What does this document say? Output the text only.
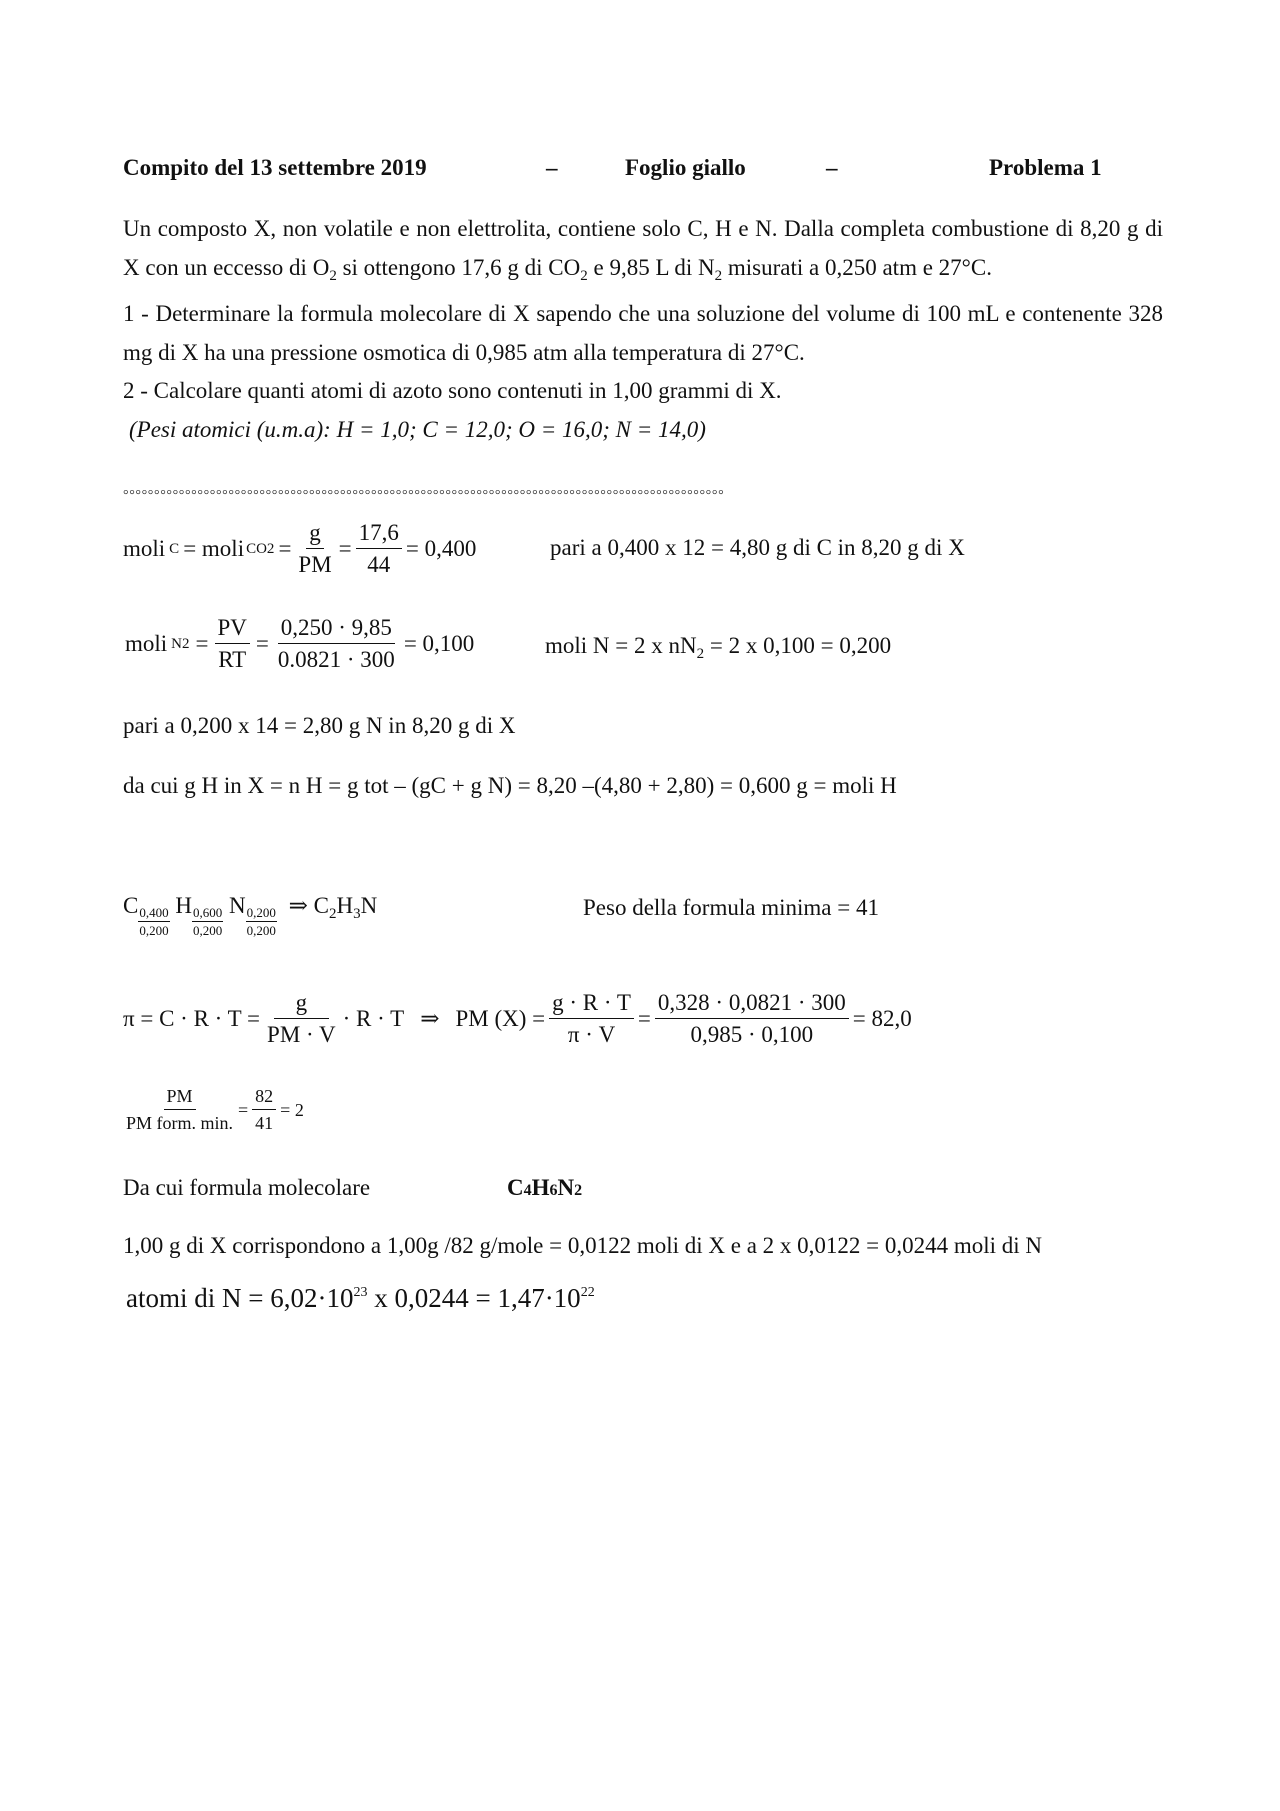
Compito del 13 settembre 2019	–	Foglio giallo	–	Problema 1

Un composto X, non volatile e non elettrolita, contiene solo C, H e N. Dalla completa combustione di 8,20 g di X con un eccesso di $O_2$ si ottengono 17,6 g di $CO_2$ e 9,85 L di $N_2$ misurati a 0,250 atm e 27°C.

1 - Determinare la formula molecolare di X sapendo che una soluzione del volume di 100 mL e contenente 328 mg di X ha una pressione osmotica di 0,985 atm alla temperatura di 27°C.

2 - Calcolare quanti atomi di azoto sono contenuti in 1,00 grammi di X.

(Pesi atomici (u.m.a): H = 1,0; C = 12,0; O = 16,0; N = 14,0)

°°°°°°°°°°°°°°°°°°°°°°°°°°°°°°°°°°°°°°°°°°°°°°°°°°°°°°°°°°°°°°°°°°°°°°°°°°°°°°°°°°°°°°°°°°°°°°°°°
moli C = moli $CO2 = \frac{g}{PM} = \frac{17,6}{44} = 0,400$	pari a 0,400 x 12 = 4,80 g di C in 8,20 g di X
moli $N2 = \frac{PV}{RT} = \frac{0,250 \cdot 9,85}{0.0821 \cdot 300} = 0,100$	moli N = 2 x $nN_2 = 2$ x 0,100 = 0,200
pari a 0,200 x 14 = 2,80 g N in 8,20 g di X
da cui g H in X = n H = g tot – (gC + g N) = 8,20 –(4,80 + 2,80) = 0,600 g = moli H
C $\frac{0,400}{0,200}$ H $\frac{0,600}{0,200}$ N $\frac{0,200}{0,200}$ ⇒ $C_2H_3N$	Peso della formula minima = 41
$\pi = C \cdot R \cdot T = \frac{g}{PM \cdot V} \cdot R \cdot T$ ⇒ PM $(X) = \frac{g \cdot R \cdot T}{\pi \cdot V} = \frac{0,328 \cdot 0,0821 \cdot 300}{0,985 \cdot 0,100} = 82,0$
$\frac{PM}{\text{PM form. min.}} = \frac{82}{41} = 2$
Da cui formula molecolare	C4H6N2
1,00 g di X corrispondono a 1,00g /82 g/mole = 0,0122 moli di X e a 2 x 0,0122 = 0,0244 moli di N
atomi di $N = 6,02\cdot 10^{23}$ x $0,0244 = 1,47\cdot 10^{22}$
